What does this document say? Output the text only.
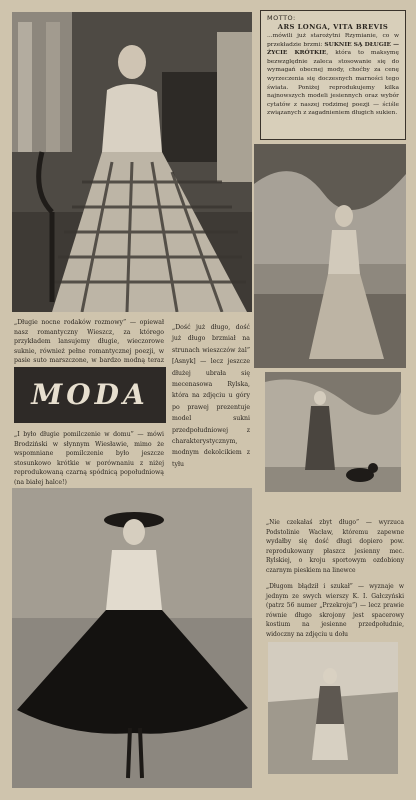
MOTTO:
ARS LONGA, VITA BREVIS
...mówili już starożytni Rzymianie, co w przekładzie brzmi: SUKNIE SĄ DŁUGIE — ŻYCIE KRÓTKIE, która to maksymę bezwzględnie zaleca stosowanie się do wymagań obecnej mody, choćby za cenę wyrzeczenia się doczesnych marności tego świata. Poniżej reprodukujemy kilka najnowszych modeli jesiennych oraz wybór cytatów z naszej rodzimej poezji — ściśle związanych z zagadnieniem długich sukien.
„Długie nocne rodaków rozmowy” — opiewał nasz romantyczny Wieszcz, za którego przykładem lansujemy długie, wieczorowe suknie, również pełne romantycznej poezji, w pasie suto marszczone, w bardzo modną teraz
„Dość już długo, dość już długo brzmiał na strunach wieszczów żal” [Asnyk] — lecz jeszcze dłużej ubrała się mecenasowa Rylska, która na zdjęciu u góry po prawej prezentuje model sukni przedpołudniowej z charakterystycznym, modnym dekolcikiem z tyłu
MODA
„I było długie pomilczenie w domu” — mówi Brodziński w słynnym Wiesławie, mimo że wspomniane pomilczenie było jeszcze stosunkowo krótkie w porównaniu z niżej reprodukowaną czarną spódnicą popołudniową (na białej halce!)
„Nie czekałaś zbyt długo” — wyrzuca Podstolinie Wacław, któremu zapewne wydałby się dość długi dopiero pow. reprodukowany płaszcz jesienny mec. Rylskiej, o kroju sportowym ozdobiony czarnym pieskiem na linewce
„Długom błądził i szukał” — wyznaje w jednym ze swych wierszy K. I. Gałczyński (patrz 56 numer „Przekroju”) — lecz prawie równie długo skrojony jest spacerowy kostium na jesienne przedpołudnie, widoczny na zdjęciu u dołu
